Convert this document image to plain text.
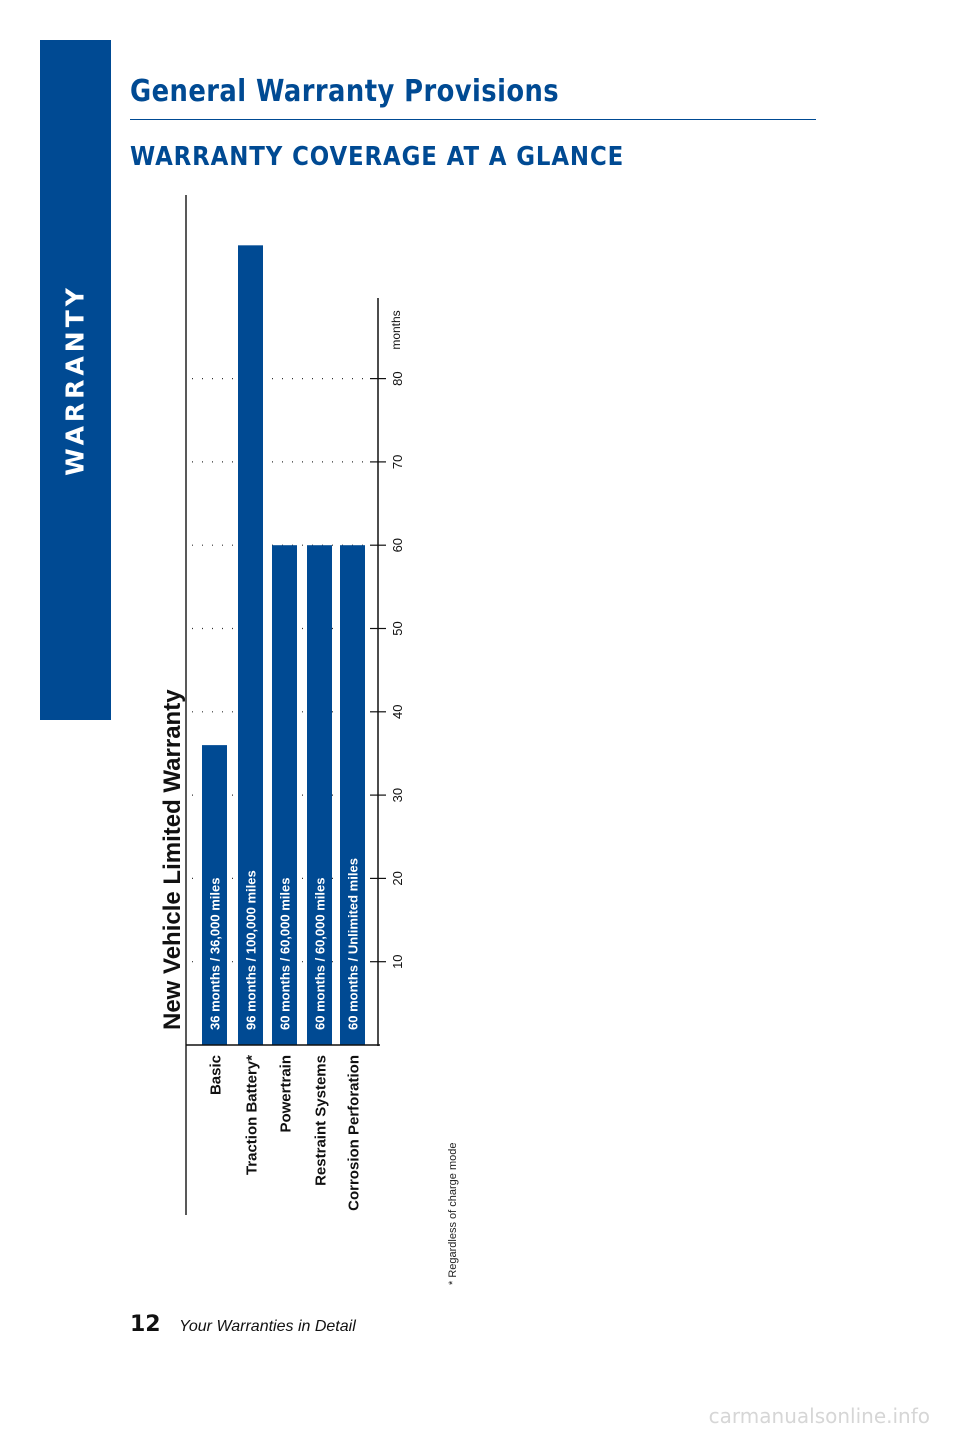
WARRANTY
General Warranty Provisions
WARRANTY COVERAGE AT A GLANCE
New Vehicle Limited Warranty 36 months / 36,000 miles 96 months / 100,000 miles 60 months / 60,000 miles 60 months / 60,000 miles 60 months / Unlimited miles
Basic Traction Battery* Powertrain Restraint Systems Corrosion Perforation
10
20
30
40
50
60
70
80
months
* Regardless of charge mode
12 Your Warranties in Detail
carmanualsonline.info
